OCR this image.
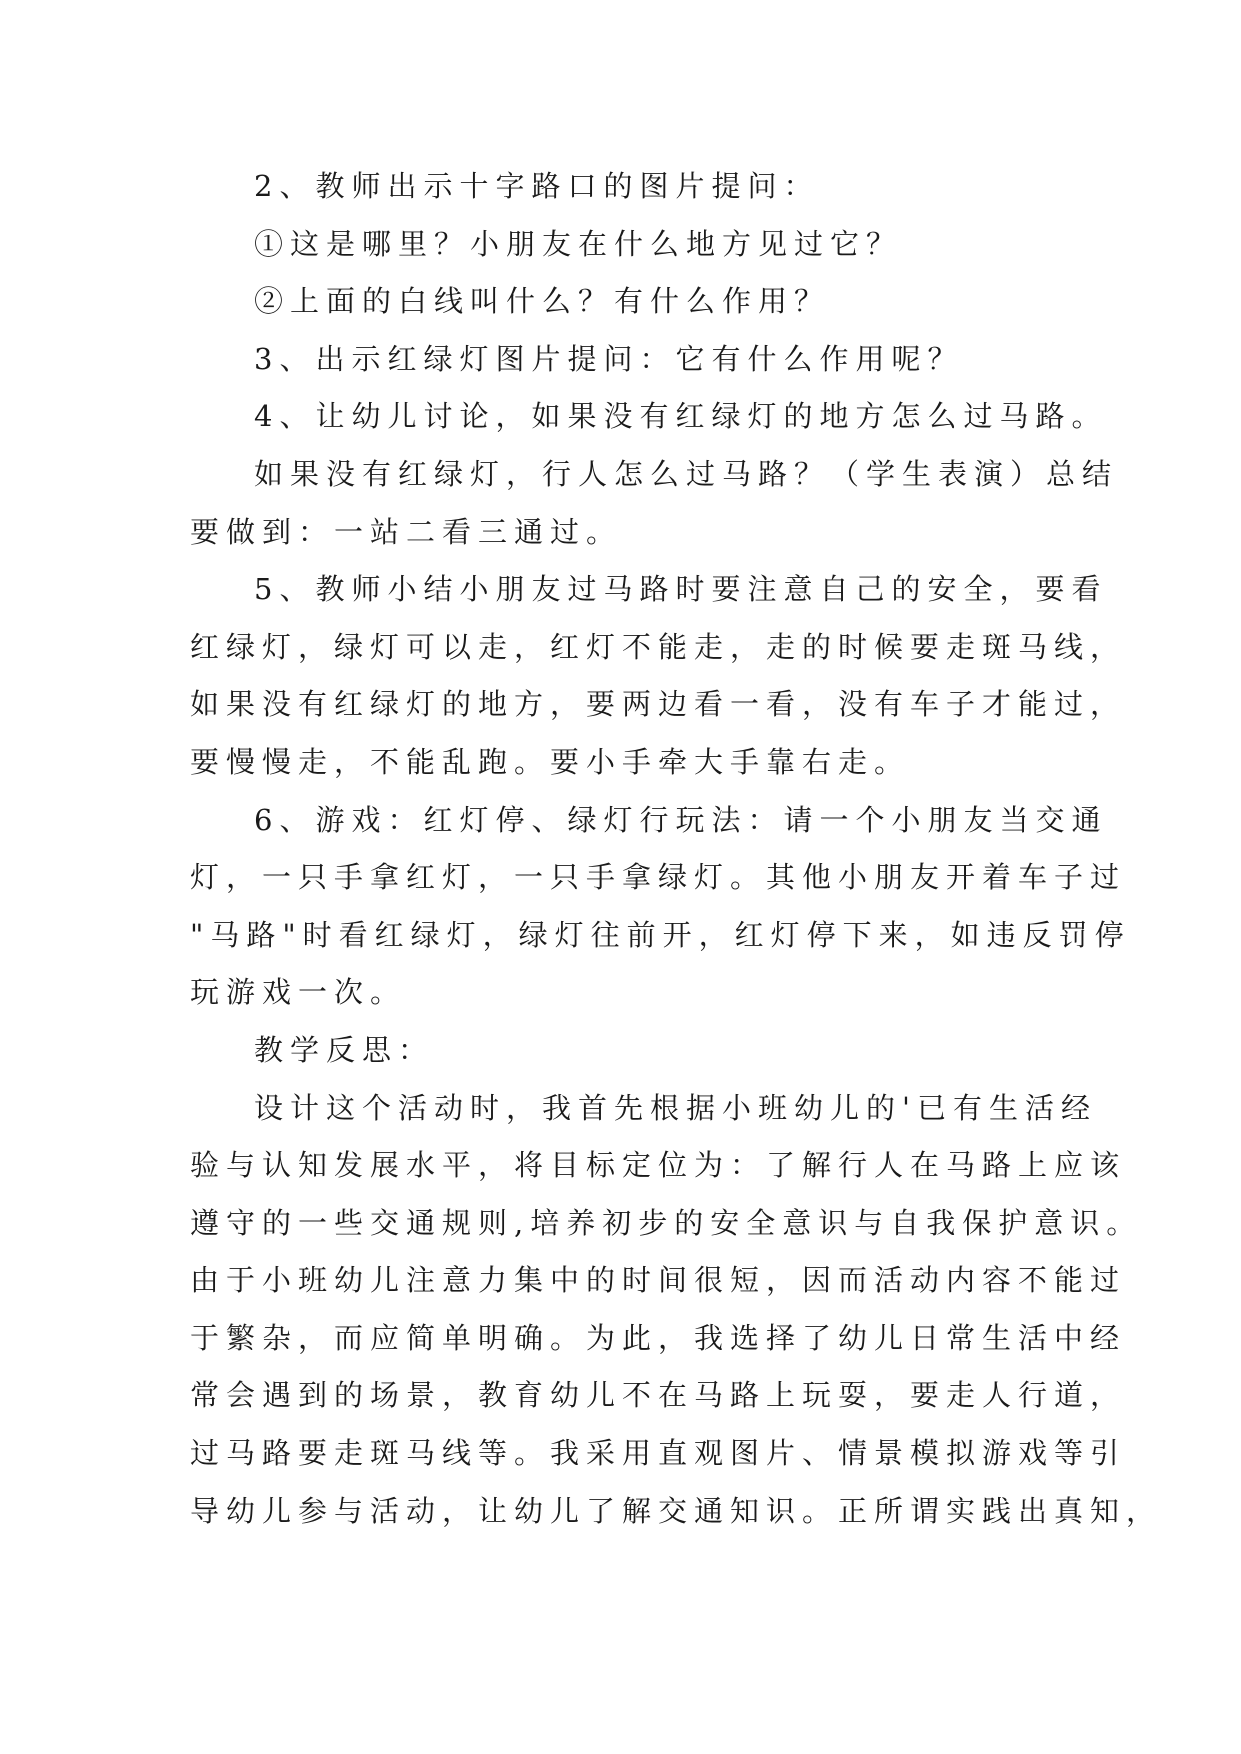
2、教师出示十字路口的图片提问：
①这是哪里？小朋友在什么地方见过它？
②上面的白线叫什么？有什么作用？
3、出示红绿灯图片提问：它有什么作用呢？
4、让幼儿讨论，如果没有红绿灯的地方怎么过马路。
如果没有红绿灯，行人怎么过马路？（学生表演）总结
要做到：一站二看三通过。
5、教师小结小朋友过马路时要注意自己的安全，要看
红绿灯，绿灯可以走，红灯不能走，走的时候要走斑马线，
如果没有红绿灯的地方，要两边看一看，没有车子才能过，
要慢慢走，不能乱跑。要小手牵大手靠右走。
6、游戏：红灯停、绿灯行玩法：请一个小朋友当交通
灯，一只手拿红灯，一只手拿绿灯。其他小朋友开着车子过
"马路"时看红绿灯，绿灯往前开，红灯停下来，如违反罚停
玩游戏一次。
教学反思：
设计这个活动时，我首先根据小班幼儿的'已有生活经
验与认知发展水平，将目标定位为：了解行人在马路上应该
遵守的一些交通规则,培养初步的安全意识与自我保护意识。
由于小班幼儿注意力集中的时间很短，因而活动内容不能过
于繁杂，而应简单明确。为此，我选择了幼儿日常生活中经
常会遇到的场景，教育幼儿不在马路上玩耍，要走人行道，
过马路要走斑马线等。我采用直观图片、情景模拟游戏等引
导幼儿参与活动，让幼儿了解交通知识。正所谓实践出真知，
